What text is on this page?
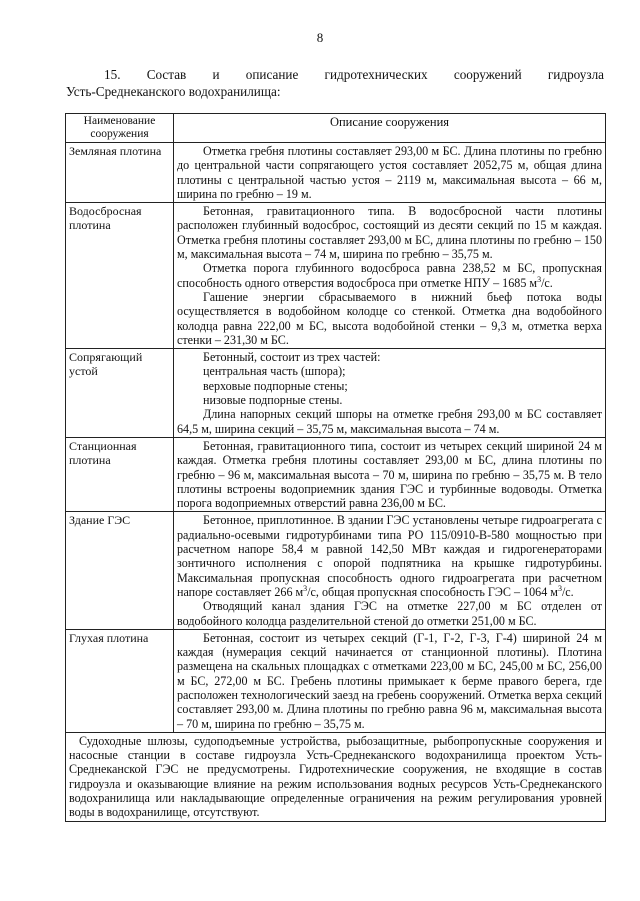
8
15. Состав и описание гидротехнических сооружений гидроузла
Усть-Среднеканского водохранилища:
Наименование сооружения	Описание сооружения
Земляная плотина	Отметка гребня плотины составляет 293,00 м БС. Длина плотины по гребню до центральной части сопрягающего устоя составляет 2052,75 м, общая длина плотины с центральной частью устоя – 2119 м, максимальная высота – 66 м, ширина по гребню – 19 м.

Водосбросная плотина	Бетонная, гравитационного типа. В водосбросной части плотины расположен глубинный водосброс, состоящий из десяти секций по 15 м каждая. Отметка гребня плотины составляет 293,00 м БС, длина плотины по гребню – 150 м, максимальная высота – 74 м, ширина по гребню – 35,75 м.

Отметка порога глубинного водосброса равна 238,52 м БС, пропускная способность одного отверстия водосброса при отметке НПУ – 1685 $м^3/с$.

Гашение энергии сбрасываемого в нижний бьеф потока воды осуществляется в водобойном колодце со стенкой. Отметка дна водобойного колодца равна 222,00 м БС, высота водобойной стенки – 9,3 м, отметка верха стенки – 231,30 м БС.

Сопрягающий устой	Бетонный, состоит из трех частей:

центральная часть (шпора);

верховые подпорные стены;

низовые подпорные стены.

Длина напорных секций шпоры на отметке гребня 293,00 м БС составляет 64,5 м, ширина секций – 35,75 м, максимальная высота – 74 м.

Станционная плотина	Бетонная, гравитационного типа, состоит из четырех секций шириной 24 м каждая. Отметка гребня плотины составляет 293,00 м БС, длина плотины по гребню – 96 м, максимальная высота – 70 м, ширина по гребню – 35,75 м. В тело плотины встроены водоприемник здания ГЭС и турбинные водоводы. Отметка порога водоприемных отверстий равна 236,00 м БС.

Здание ГЭС	Бетонное, приплотинное. В здании ГЭС установлены четыре гидроагрегата с радиально-осевыми гидротурбинами типа РО 115/0910-В-580 мощностью при расчетном напоре 58,4 м равной 142,50 МВт каждая и гидрогенераторами зонтичного исполнения с опорой подпятника на крышке гидротурбины. Максимальная пропускная способность одного гидроагрегата при расчетном напоре составляет 266 $м^3/с$, общая пропускная способность ГЭС – 1064 $м^3/с$.

Отводящий канал здания ГЭС на отметке 227,00 м БС отделен от водобойного колодца разделительной стеной до отметки 251,00 м БС.

Глухая плотина	Бетонная, состоит из четырех секций (Г-1, Г-2, Г-3, Г-4) шириной 24 м каждая (нумерация секций начинается от станционной плотины). Плотина размещена на скальных площадках с отметками 223,00 м БС, 245,00 м БС, 256,00 м БС, 272,00 м БС. Гребень плотины примыкает к берме правого берега, где расположен технологический заезд на гребень сооружений. Отметка верха секций составляет 293,00 м. Длина плотины по гребню равна 96 м, максимальная высота – 70 м, ширина по гребню – 35,75 м.

Судоходные шлюзы, судоподъемные устройства, рыбозащитные, рыбопропускные сооружения и насосные станции в составе гидроузла Усть-Среднеканского водохранилища проектом Усть-Среднеканской ГЭС не предусмотрены. Гидротехнические сооружения, не входящие в состав гидроузла и оказывающие влияние на режим использования водных ресурсов Усть-Среднеканского водохранилища или накладывающие определенные ограничения на режим регулирования уровней воды в водохранилище, отсутствуют.	
